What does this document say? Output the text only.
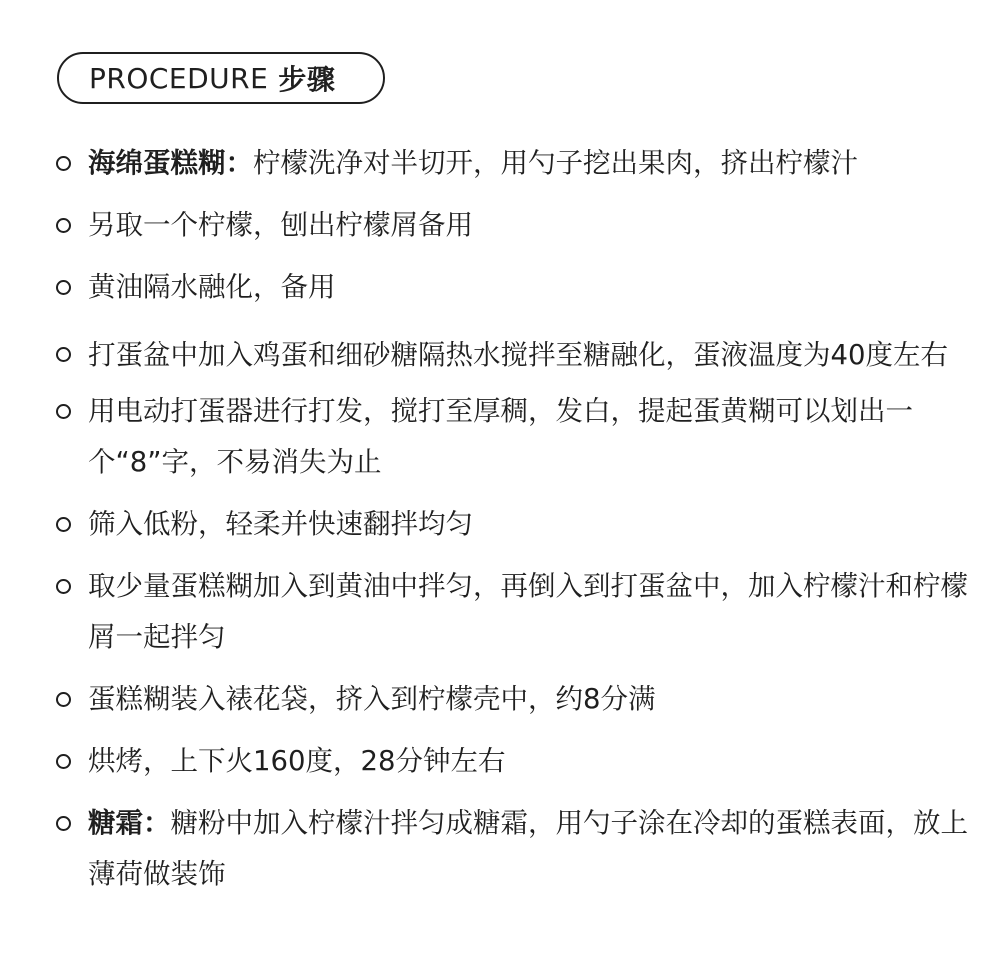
PROCEDURE 步骤
海绵蛋糕糊：柠檬洗净对半切开，用勺子挖出果肉，挤出柠檬汁
另取一个柠檬，刨出柠檬屑备用
黄油隔水融化，备用
打蛋盆中加入鸡蛋和细砂糖隔热水搅拌至糖融化，蛋液温度为40度左右
用电动打蛋器进行打发，搅打至厚稠，发白，提起蛋黄糊可以划出一个“8”字，不易消失为止
筛入低粉，轻柔并快速翻拌均匀
取少量蛋糕糊加入到黄油中拌匀，再倒入到打蛋盆中，加入柠檬汁和柠檬屑一起拌匀
蛋糕糊装入裱花袋，挤入到柠檬壳中，约8分满
烘烤，上下火160度，28分钟左右
糖霜：糖粉中加入柠檬汁拌匀成糖霜，用勺子涂在冷却的蛋糕表面，放上薄荷做装饰
